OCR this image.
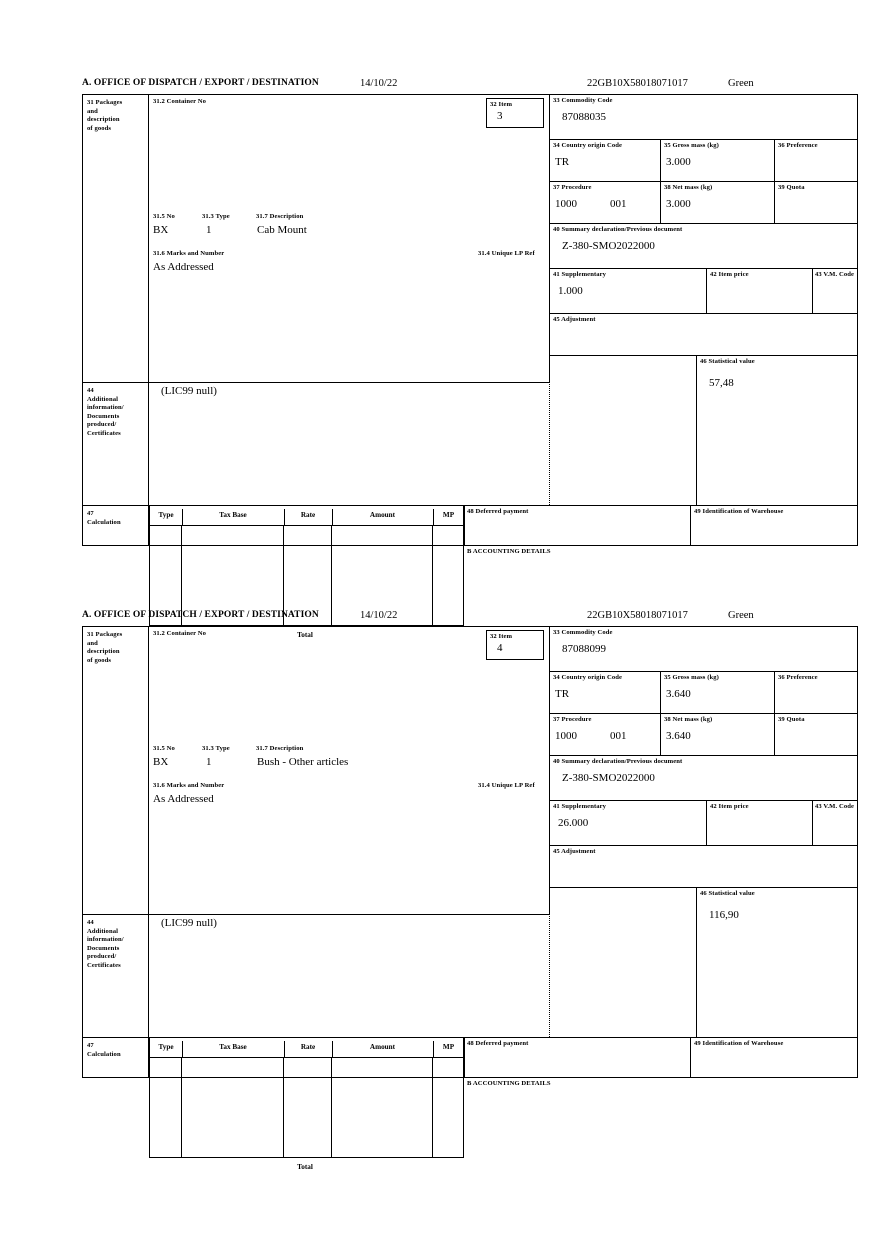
A. OFFICE OF DISPATCH / EXPORT / DESTINATION	14/10/22	22GB10X58018071017	Green
33 Commodity Code
87088035
34 Country origin Code
TR
35 Gross mass (kg)
3.000
36 Preference
37 Procedure
1000	001
38 Net mass (kg)
3.000
39 Quota
40 Summary declaration/Previous document
Z-380-SMO2022000
41 Supplementary
1.000
42 Item price	43 V.M. Code
45 Adjustment
46 Statistical value
57,48
31 Packages
and
description
of goods
31.2 Container No
31.5 No	31.3 Type	31.7 Description
BX	1	Cab Mount
31.6 Marks and Number	31.4 Unique LP Ref
As Addressed
32 Item
3
44
Additional
information/
Documents
produced/
Certificates
(LIC99 null)
47
Calculation
Type	Tax Base	Rate	Amount	MP
Total
48 Deferred payment	49 Identification of Warehouse
B ACCOUNTING DETAILS
A. OFFICE OF DISPATCH / EXPORT / DESTINATION	14/10/22	22GB10X58018071017	Green
33 Commodity Code
87088099
34 Country origin Code
TR
35 Gross mass (kg)
3.640
36 Preference
37 Procedure
1000	001
38 Net mass (kg)
3.640
39 Quota
40 Summary declaration/Previous document
Z-380-SMO2022000
41 Supplementary
26.000
42 Item price	43 V.M. Code
45 Adjustment
46 Statistical value
116,90
31 Packages
and
description
of goods
31.2 Container No
31.5 No	31.3 Type	31.7 Description
BX	1	Bush - Other articles
31.6 Marks and Number	31.4 Unique LP Ref
As Addressed
32 Item
4
44
Additional
information/
Documents
produced/
Certificates
(LIC99 null)
47
Calculation
Type	Tax Base	Rate	Amount	MP
Total
48 Deferred payment	49 Identification of Warehouse
B ACCOUNTING DETAILS
